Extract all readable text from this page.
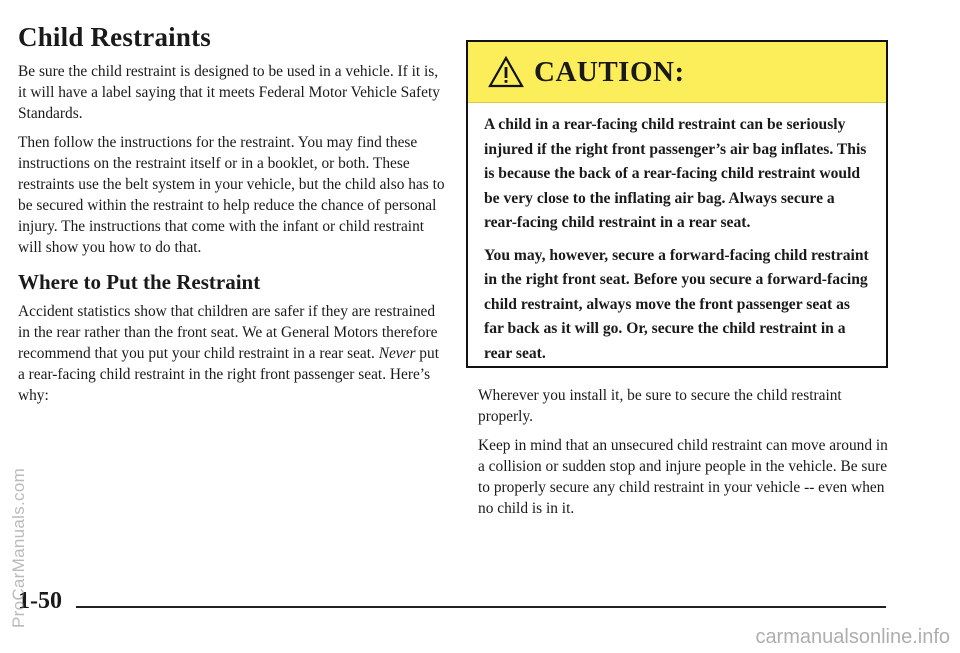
Child Restraints

Be sure the child restraint is designed to be used in a vehicle. If it is, it will have a label saying that it meets Federal Motor Vehicle Safety Standards.

Then follow the instructions for the restraint. You may find these instructions on the restraint itself or in a booklet, or both. These restraints use the belt system in your vehicle, but the child also has to be secured within the restraint to help reduce the chance of personal injury. The instructions that come with the infant or child restraint will show you how to do that.

Where to Put the Restraint

Accident statistics show that children are safer if they are restrained in the rear rather than the front seat. We at General Motors therefore recommend that you put your child restraint in a rear seat. Never put a rear-facing child restraint in the right front passenger seat. Here’s why:

CAUTION:

A child in a rear-facing child restraint can be seriously injured if the right front passenger’s air bag inflates. This is because the back of a rear-facing child restraint would be very close to the inflating air bag. Always secure a rear-facing child restraint in a rear seat.

You may, however, secure a forward-facing child restraint in the right front seat. Before you secure a forward-facing child restraint, always move the front passenger seat as far back as it will go. Or, secure the child restraint in a rear seat.

Wherever you install it, be sure to secure the child restraint properly.

Keep in mind that an unsecured child restraint can move around in a collision or sudden stop and injure people in the vehicle. Be sure to properly secure any child restraint in your vehicle -- even when no child is in it.

1-50
ProCarManuals.com
carmanualsonline.info
